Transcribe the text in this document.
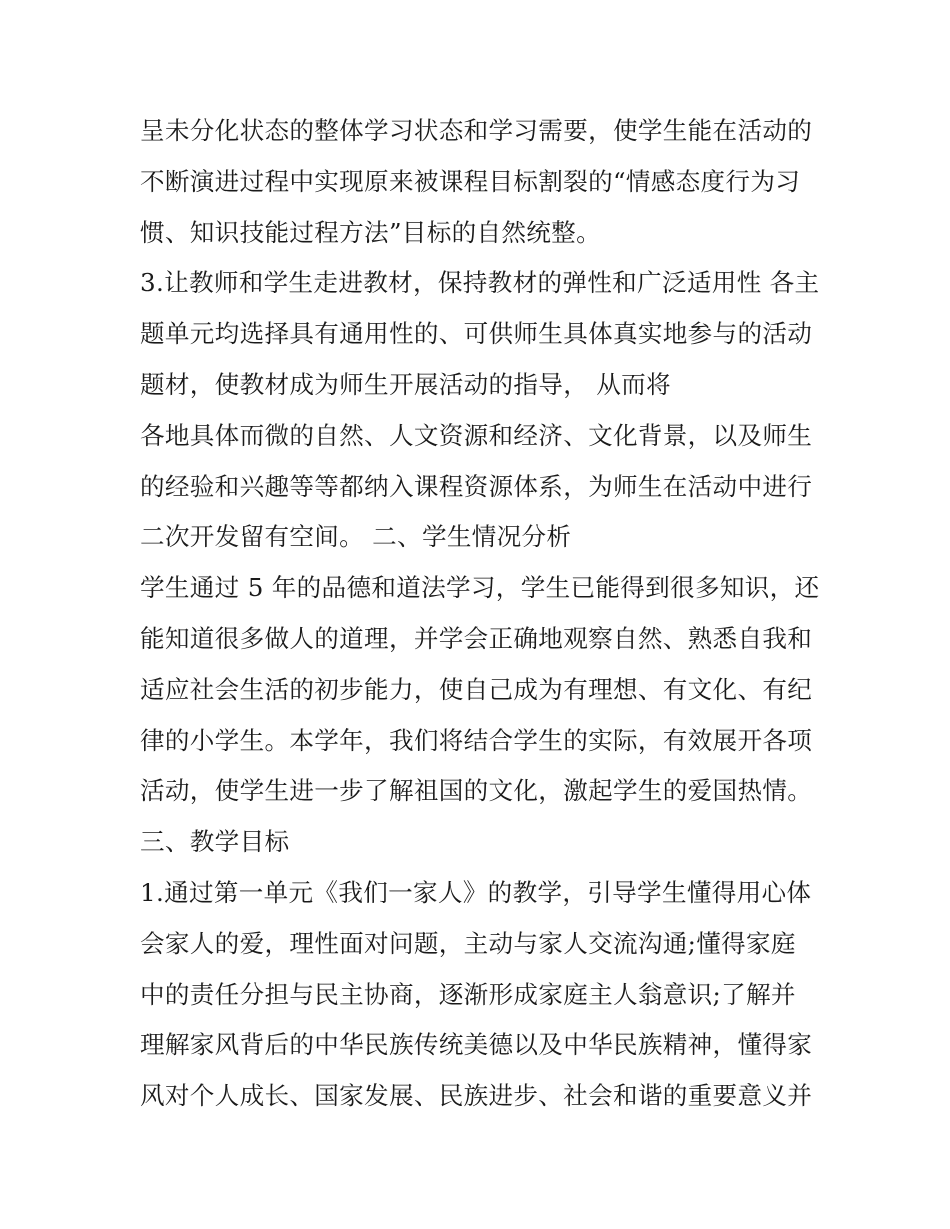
呈未分化状态的整体学习状态和学习需要，使学生能在活动的
不断演进过程中实现原来被课程目标割裂的“情感态度行为习
惯、知识技能过程方法”目标的自然统整。
3.让教师和学生走进教材，保持教材的弹性和广泛适用性 各主
题单元均选择具有通用性的、可供师生具体真实地参与的活动
题材，使教材成为师生开展活动的指导， 从而将
各地具体而微的自然、人文资源和经济、文化背景，以及师生
的经验和兴趣等等都纳入课程资源体系，为师生在活动中进行
二次开发留有空间。 二、学生情况分析
学生通过 5 年的品德和道法学习，学生已能得到很多知识，还
能知道很多做人的道理，并学会正确地观察自然、熟悉自我和
适应社会生活的初步能力，使自己成为有理想、有文化、有纪
律的小学生。本学年，我们将结合学生的实际，有效展开各项
活动，使学生进一步了解祖国的文化，激起学生的爱国热情。
三、教学目标
1.通过第一单元《我们一家人》的教学，引导学生懂得用心体
会家人的爱，理性面对问题，主动与家人交流沟通;懂得家庭
中的责任分担与民主协商，逐渐形成家庭主人翁意识;了解并
理解家风背后的中华民族传统美德以及中华民族精神，懂得家
风对个人成长、国家发展、民族进步、社会和谐的重要意义并
